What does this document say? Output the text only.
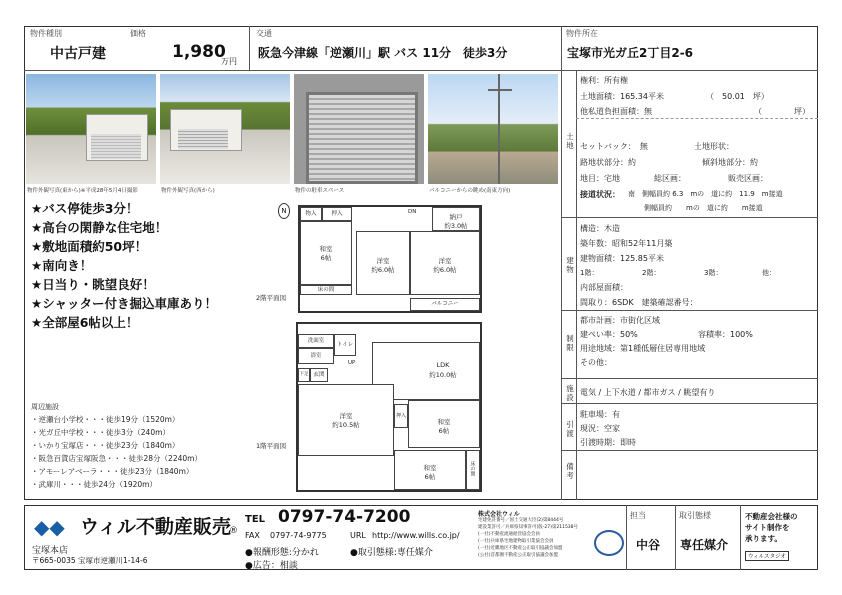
物件種別
中古戸建
価格
1,980
万円
交通
阪急今津線「逆瀬川」駅 バス 11分　徒歩3分
物件所在
宝塚市光ガ丘2丁目2-6
物件外観写真(東から)※平成28年5月4日撮影	物件外観写真(西から)	物件の駐車スペース	バルコニーからの眺め(南東方向)
★バス停徒歩3分！
★高台の閑静な住宅地！
★敷地面積約50坪！
★南向き！
★日当り・眺望良好！
★シャッター付き掘込車庫あり！
★全部屋6帖以上！
周辺施設
・逆瀬台小学校・・・徒歩19分（1520m）
・光ガ丘中学校・・・徒歩3分（240m）
・いかり宝塚店・・・徒歩23分（1840m）
・阪急百貨店宝塚阪急・・・徒歩28分（2240m）
・アモーレアベーラ・・・徒歩23分（1840m）
・武庫川・・・徒歩24分（1920m）
N
2階平面図
物入	押入	DN
納戸
約3.0帖
和室
6帖
床の間
洋室
約6.0帖
洋室
約6.0帖
バルコニー
1階平面図
洗面室
浴室
トイレ
UP
玄関
下足
LDK
約10.0帖
洋室
約10.5帖
押入
和室
6帖
和室
6帖
床の間
土地
建物
制限
施設
引渡
備考
権利：所有権
土地面積：165.34平米	（　50.01　坪）
他私道負担面積：無	（　　　　坪）
セットバック：　無	土地形状：
路地状部分：約	傾斜地部分：約
地目：宅地	総区画：	販売区画：
接道状況： 南　側幅員約 6.3　mの　道に約　11.9　m接道
側幅員約　　mの　道に約　　m接道
構造：木造
築年数：昭和52年11月築
建物面積：125.85平米
1階：	2階：	3階：	他：
内部屋面積：
間取り：6SDK　建築確認番号：
都市計画：市街化区域
建ぺい率：50%	容積率：100%
用途地域：第1種低層住居専用地域
その他：
電気 / 上下水道 / 都市ガス / 眺望有り
駐車場：有
現況：空家
引渡時期：即時
◆◆ ウィル不動産販売
®
宝塚本店
〒665-0035 宝塚市逆瀬川1-14-6
TEL 0797-74-7200
FAX 0797-74-9775	URL http://www.wills.co.jp/
●報酬形態:分かれ	●取引態様:専任媒介
●広告：相談
株式会社ウィル
宅建免許番号／国土交通大臣(2)第8444号
建設業許可／兵庫県知事許可(般-27)第211538号
(一社)不動産流通経営協会会員
(一社)兵庫県宅地建物取引業協会会員
(一社)近畿地区不動産公正取引協議会加盟
(公社)首都圏不動産公正取引協議会加盟
担当
中谷
取引態様
専任媒介
不動産会社様の
サイト制作を
承ります。
ウィルスタジオ
